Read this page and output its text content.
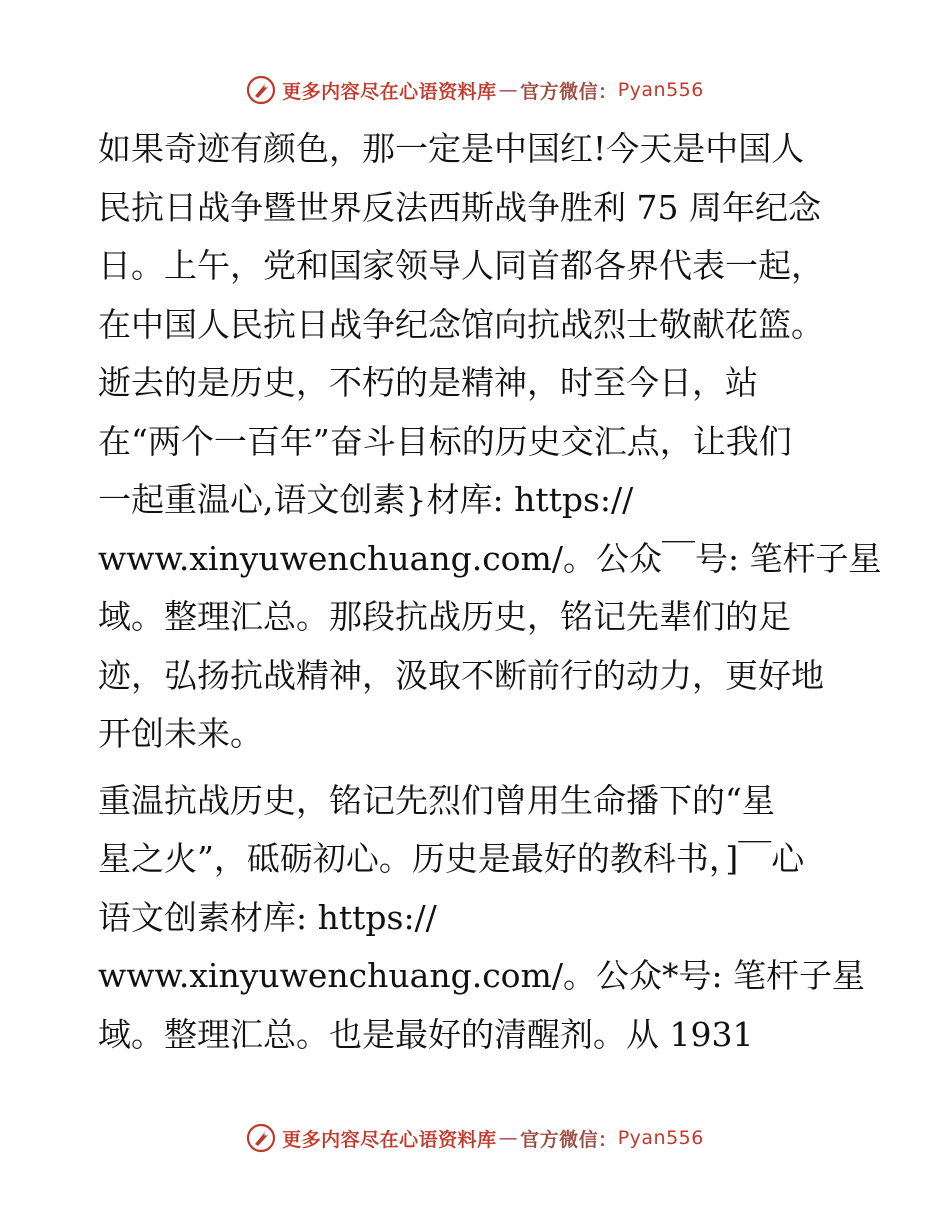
更多内容尽在心语资料库 — 官方微信： Pyan556

如果奇迹有颜色，那一定是中国红!今天是中国人
民抗日战争暨世界反法西斯战争胜利 75 周年纪念
日。上午，党和国家领导人同首都各界代表一起，
在中国人民抗日战争纪念馆向抗战烈士敬献花篮。
逝去的是历史，不朽的是精神，时至今日，站
在“两个一百年”奋斗目标的历史交汇点，让我们
一起重温心,语文创素}材库: https://
www.xinyuwenchuang.com/。公众￣号: 笔杆子星
域。整理汇总。那段抗战历史，铭记先辈们的足
迹，弘扬抗战精神，汲取不断前行的动力，更好地
开创未来。

重温抗战历史，铭记先烈们曾用生命播下的“星
星之火”，砥砺初心。历史是最好的教科书，]￣心
语文创素材库: https://
www.xinyuwenchuang.com/。公众*号: 笔杆子星
域。整理汇总。也是最好的清醒剂。从 1931

更多内容尽在心语资料库 — 官方微信： Pyan556
